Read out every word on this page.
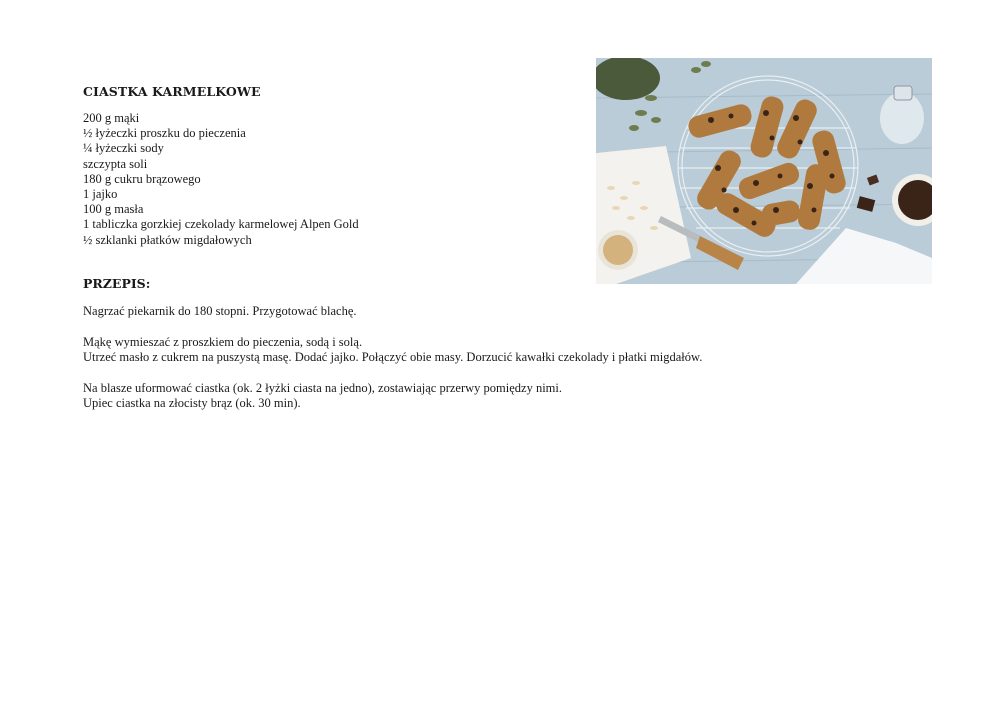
CIASTKA KARMELKOWE
200 g mąki
½ łyżeczki proszku do pieczenia
¼ łyżeczki sody
szczypta soli
180 g cukru brązowego
1 jajko
100 g masła
1 tabliczka gorzkiej czekolady karmelowej Alpen Gold
½ szklanki płatków migdałowych
PRZEPIS:

Nagrzać piekarnik do 180 stopni. Przygotować blachę.

Mąkę wymieszać z proszkiem do pieczenia, sodą i solą.

Utrzeć masło z cukrem na puszystą masę. Dodać jajko. Połączyć obie masy. Dorzucić kawałki czekolady i płatki migdałów.

Na blasze uformować ciastka (ok. 2 łyżki ciasta na jedno), zostawiając przerwy pomiędzy nimi.

Upiec ciastka na złocisty brąz (ok. 30 min).
